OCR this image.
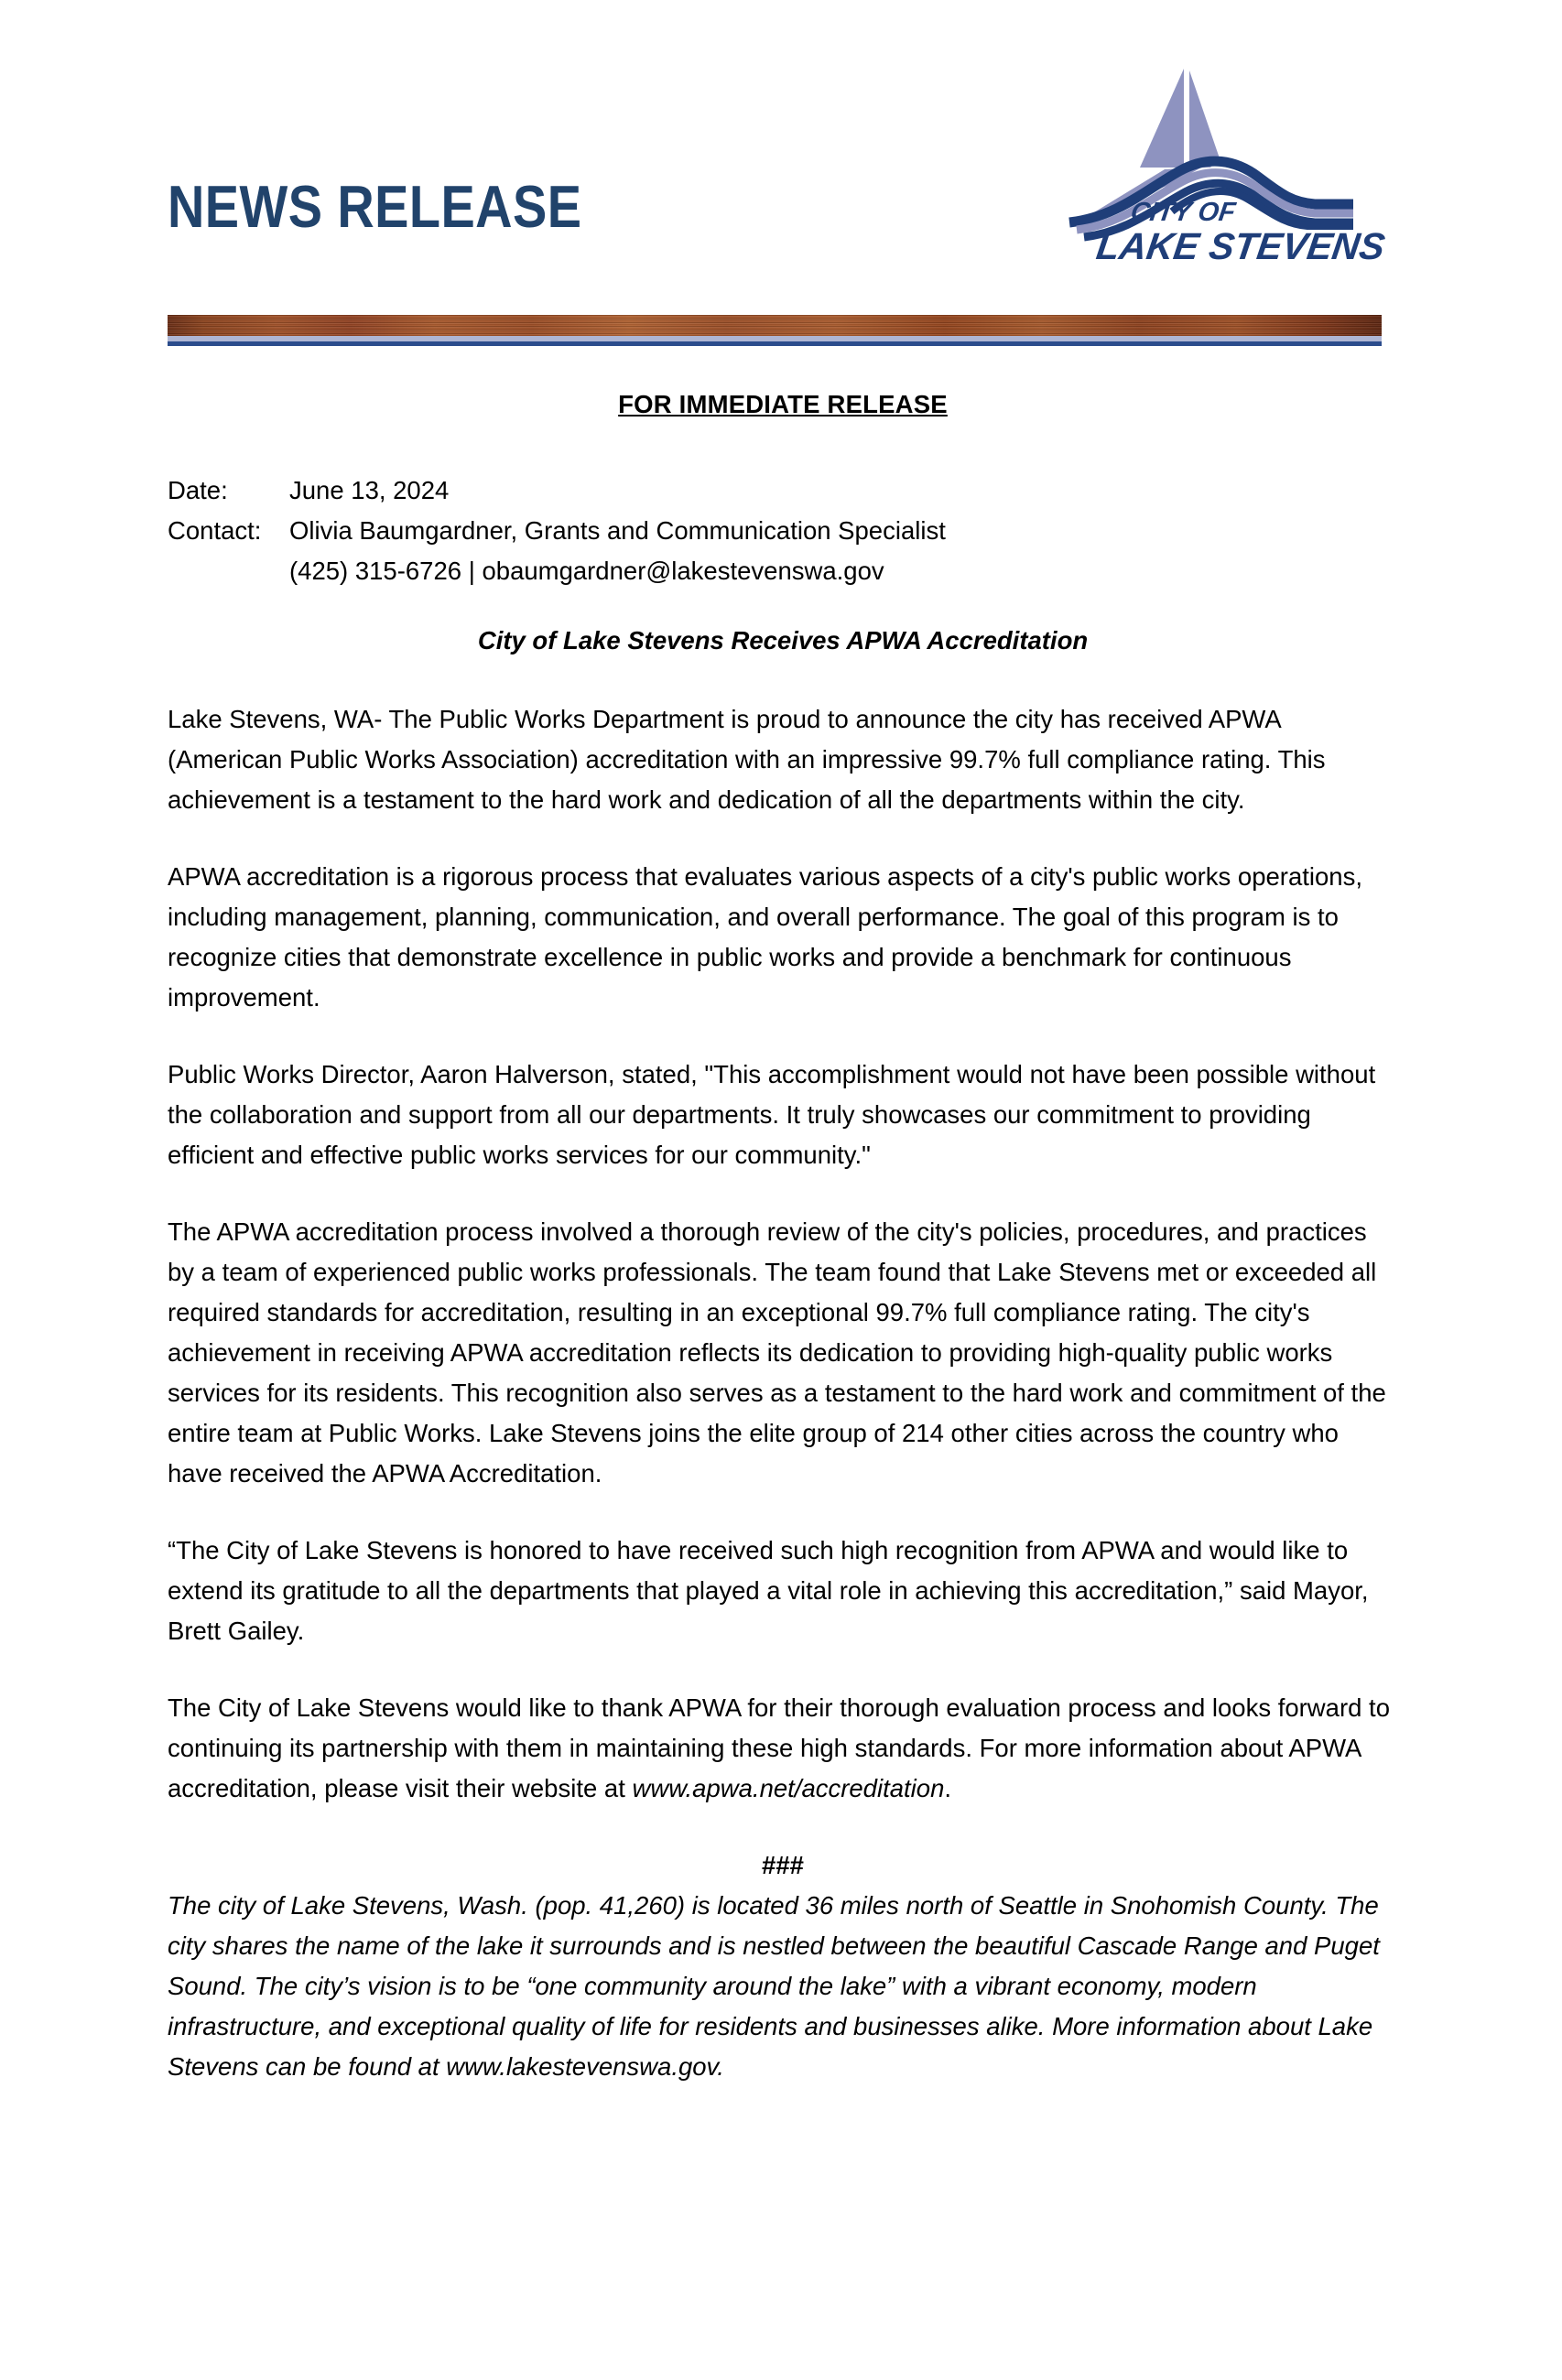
NEWS RELEASE	CITY OF
LAKE STEVENS
FOR IMMEDIATE RELEASE
Date:	June 13, 2024
Contact:	Olivia Baumgardner, Grants and Communication Specialist
(425) 315-6726 | obaumgardner@lakestevenswa.gov
City of Lake Stevens Receives APWA Accreditation

Lake Stevens, WA- The Public Works Department is proud to announce the city has received APWA (American Public Works Association) accreditation with an impressive 99.7% full compliance rating. This achievement is a testament to the hard work and dedication of all the departments within the city.

APWA accreditation is a rigorous process that evaluates various aspects of a city's public works operations, including management, planning, communication, and overall performance. The goal of this program is to recognize cities that demonstrate excellence in public works and provide a benchmark for continuous improvement.

Public Works Director, Aaron Halverson, stated, "This accomplishment would not have been possible without the collaboration and support from all our departments. It truly showcases our commitment to providing efficient and effective public works services for our community."

The APWA accreditation process involved a thorough review of the city's policies, procedures, and practices by a team of experienced public works professionals. The team found that Lake Stevens met or exceeded all required standards for accreditation, resulting in an exceptional 99.7% full compliance rating. The city's achievement in receiving APWA accreditation reflects its dedication to providing high-quality public works services for its residents. This recognition also serves as a testament to the hard work and commitment of the entire team at Public Works. Lake Stevens joins the elite group of 214 other cities across the country who have received the APWA Accreditation.

“The City of Lake Stevens is honored to have received such high recognition from APWA and would like to extend its gratitude to all the departments that played a vital role in achieving this accreditation,” said Mayor, Brett Gailey.

The City of Lake Stevens would like to thank APWA for their thorough evaluation process and looks forward to continuing its partnership with them in maintaining these high standards. For more information about APWA accreditation, please visit their website at www.apwa.net/accreditation.

###

The city of Lake Stevens, Wash. (pop. 41,260) is located 36 miles north of Seattle in Snohomish County. The city shares the name of the lake it surrounds and is nestled between the beautiful Cascade Range and Puget Sound. The city’s vision is to be “one community around the lake” with a vibrant economy, modern infrastructure, and exceptional quality of life for residents and businesses alike. More information about Lake Stevens can be found at www.lakestevenswa.gov.
